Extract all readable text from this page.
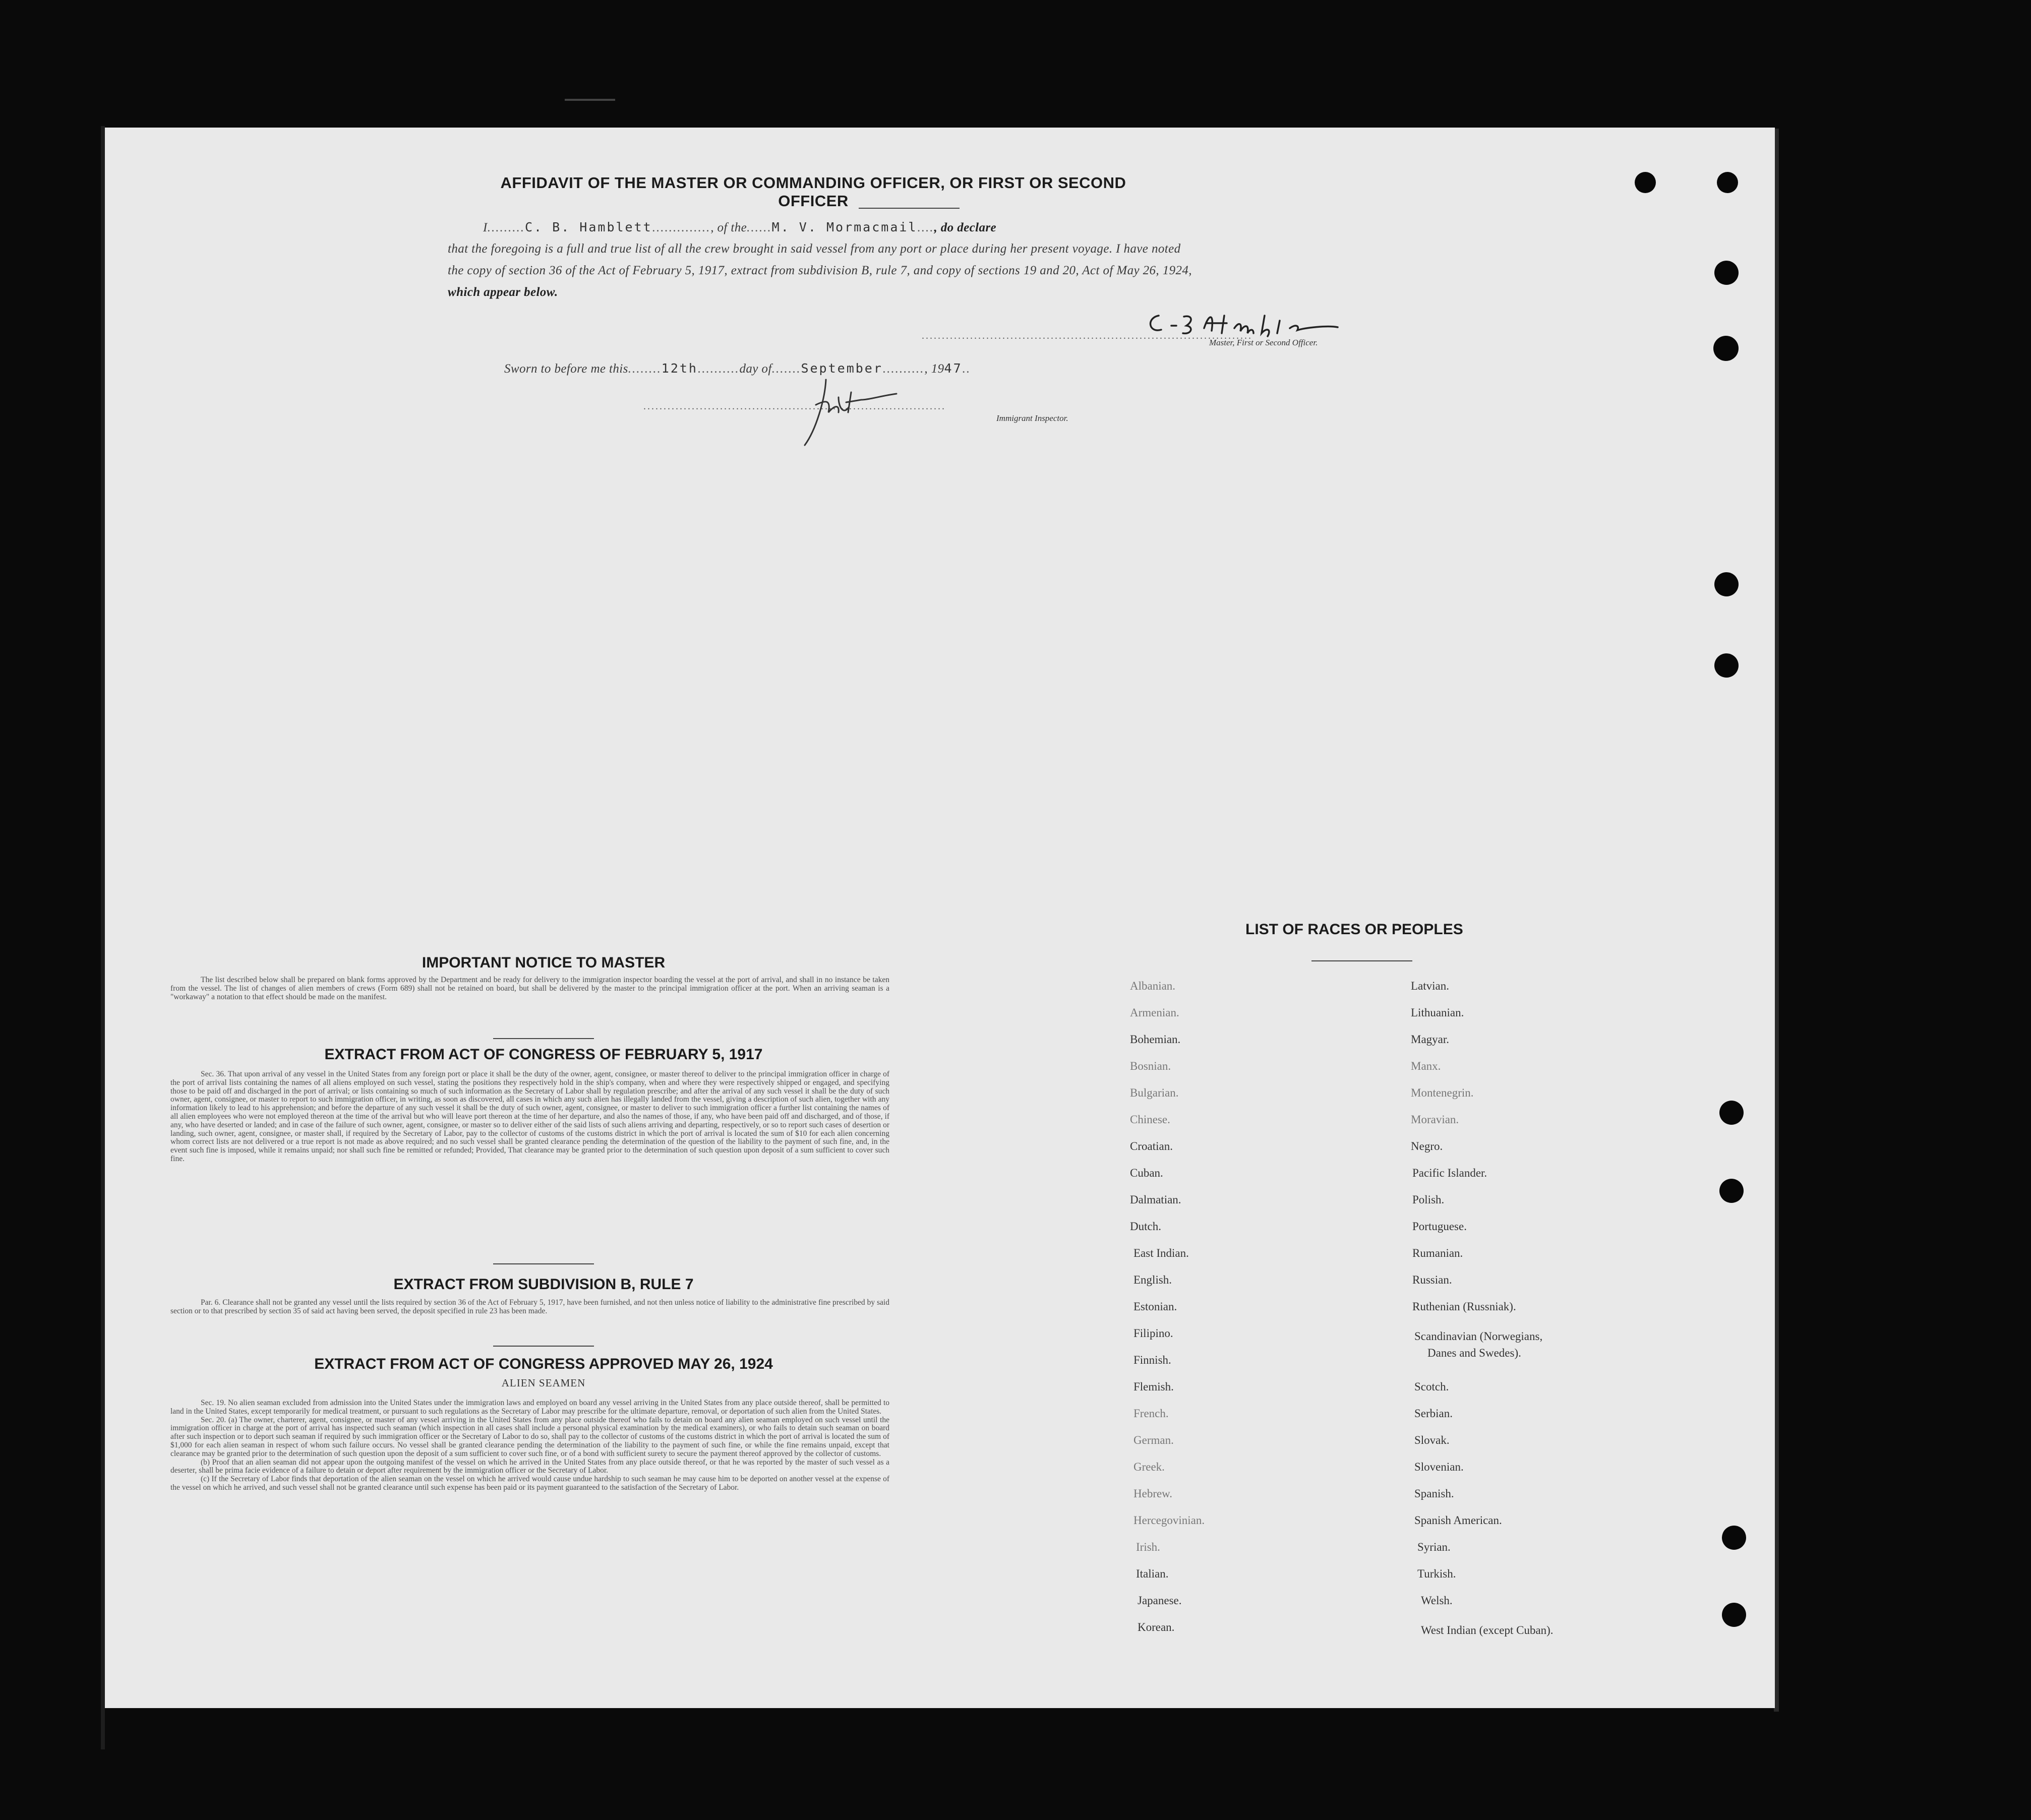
AFFIDAVIT OF THE MASTER OR COMMANDING OFFICER, OR FIRST OR SECOND OFFICER
I.........C. B. Hamblett.............., of the......M. V. Mormacmail...., do declare
that the foregoing is a full and true list of all the crew brought in said vessel from any port or place during her present voyage. I have noted
the copy of section 36 of the Act of February 5, 1917, extract from subdivision B, rule 7, and copy of sections 19 and 20, Act of May 26, 1924,
which appear below.
..................................................................................
Master, First or Second Officer.
Sworn to before me this........12th..........day of.......September.........., 1947..
...........................................................................
Immigrant Inspector.
IMPORTANT NOTICE TO MASTER
The list described below shall be prepared on blank forms approved by the Department and be ready for delivery to the immigration inspector boarding the vessel at the port of arrival, and shall in no instance be taken from the vessel. The list of changes of alien members of crews (Form 689) shall not be retained on board, but shall be delivered by the master to the principal immigration officer at the port. When an arriving seaman is a "workaway" a notation to that effect should be made on the manifest.
EXTRACT FROM ACT OF CONGRESS OF FEBRUARY 5, 1917
Sec. 36. That upon arrival of any vessel in the United States from any foreign port or place it shall be the duty of the owner, agent, consignee, or master thereof to deliver to the principal immigration officer in charge of the port of arrival lists containing the names of all aliens employed on such vessel, stating the positions they respectively hold in the ship's company, when and where they were respectively shipped or engaged, and specifying those to be paid off and discharged in the port of arrival; or lists containing so much of such information as the Secretary of Labor shall by regulation prescribe; and after the arrival of any such vessel it shall be the duty of such owner, agent, consignee, or master to report to such immigration officer, in writing, as soon as discovered, all cases in which any such alien has illegally landed from the vessel, giving a description of such alien, together with any information likely to lead to his apprehension; and before the departure of any such vessel it shall be the duty of such owner, agent, consignee, or master to deliver to such immigration officer a further list containing the names of all alien employees who were not employed thereon at the time of the arrival but who will leave port thereon at the time of her departure, and also the names of those, if any, who have been paid off and discharged, and of those, if any, who have deserted or landed; and in case of the failure of such owner, agent, consignee, or master so to deliver either of the said lists of such aliens arriving and departing, respectively, or so to report such cases of desertion or landing, such owner, agent, consignee, or master shall, if required by the Secretary of Labor, pay to the collector of customs of the customs district in which the port of arrival is located the sum of $10 for each alien concerning whom correct lists are not delivered or a true report is not made as above required; and no such vessel shall be granted clearance pending the determination of the question of the liability to the payment of such fine, and, in the event such fine is imposed, while it remains unpaid; nor shall such fine be remitted or refunded; Provided, That clearance may be granted prior to the determination of such question upon deposit of a sum sufficient to cover such fine.
EXTRACT FROM SUBDIVISION B, RULE 7
Par. 6. Clearance shall not be granted any vessel until the lists required by section 36 of the Act of February 5, 1917, have been furnished, and not then unless notice of liability to the administrative fine prescribed by said section or to that prescribed by section 35 of said act having been served, the deposit specified in rule 23 has been made.
EXTRACT FROM ACT OF CONGRESS APPROVED MAY 26, 1924
ALIEN SEAMEN
Sec. 19. No alien seaman excluded from admission into the United States under the immigration laws and employed on board any vessel arriving in the United States from any place outside thereof, shall be permitted to land in the United States, except temporarily for medical treatment, or pursuant to such regulations as the Secretary of Labor may prescribe for the ultimate departure, removal, or deportation of such alien from the United States.
Sec. 20. (a) The owner, charterer, agent, consignee, or master of any vessel arriving in the United States from any place outside thereof who fails to detain on board any alien seaman employed on such vessel until the immigration officer in charge at the port of arrival has inspected such seaman (which inspection in all cases shall include a personal physical examination by the medical examiners), or who fails to detain such seaman on board after such inspection or to deport such seaman if required by such immigration officer or the Secretary of Labor to do so, shall pay to the collector of customs of the customs district in which the port of arrival is located the sum of $1,000 for each alien seaman in respect of whom such failure occurs. No vessel shall be granted clearance pending the determination of the liability to the payment of such fine, or while the fine remains unpaid, except that clearance may be granted prior to the determination of such question upon the deposit of a sum sufficient to cover such fine, or of a bond with sufficient surety to secure the payment thereof approved by the collector of customs.
(b) Proof that an alien seaman did not appear upon the outgoing manifest of the vessel on which he arrived in the United States from any place outside thereof, or that he was reported by the master of such vessel as a deserter, shall be prima facie evidence of a failure to detain or deport after requirement by the immigration officer or the Secretary of Labor.
(c) If the Secretary of Labor finds that deportation of the alien seaman on the vessel on which he arrived would cause undue hardship to such seaman he may cause him to be deported on another vessel at the expense of the vessel on which he arrived, and such vessel shall not be granted clearance until such expense has been paid or its payment guaranteed to the satisfaction of the Secretary of Labor.
LIST OF RACES OR PEOPLES
Albanian.
Armenian.
Bohemian.
Bosnian.
Bulgarian.
Chinese.
Croatian.
Cuban.
Dalmatian.
Dutch.
East Indian.
English.
Estonian.
Filipino.
Finnish.
Flemish.
French.
German.
Greek.
Hebrew.
Hercegovinian.
Irish.
Italian.
Japanese.
Korean.
Latvian.
Lithuanian.
Magyar.
Manx.
Montenegrin.
Moravian.
Negro.
Pacific Islander.
Polish.
Portuguese.
Rumanian.
Russian.
Ruthenian (Russniak).
Scandinavian (Norwegians,
Danes and Swedes).
Scotch.
Serbian.
Slovak.
Slovenian.
Spanish.
Spanish American.
Syrian.
Turkish.
Welsh.
West Indian (except Cuban).
